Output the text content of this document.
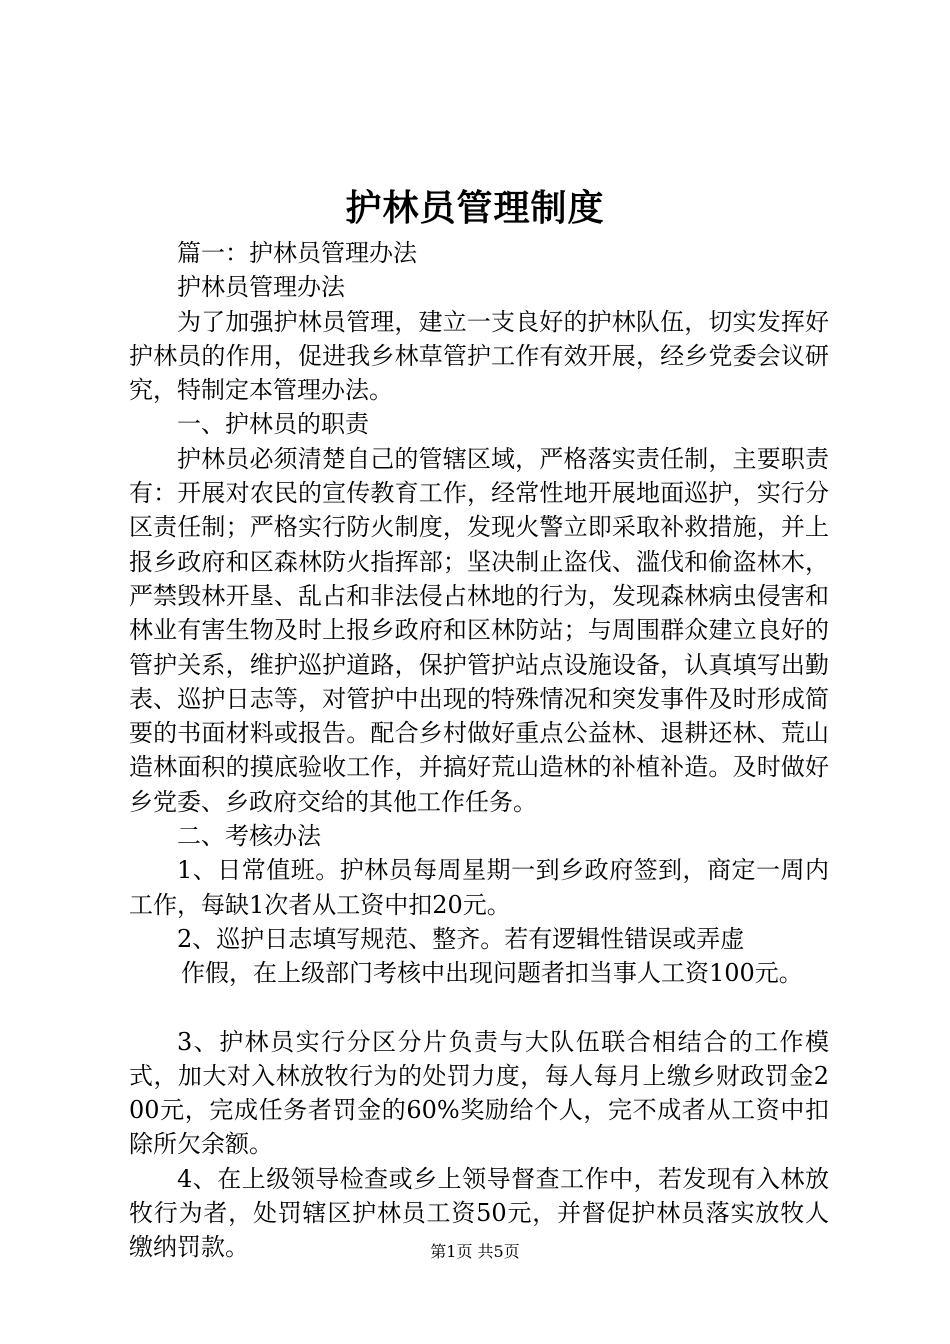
护林员管理制度

篇一：护林员管理办法

护林员管理办法

为了加强护林员管理，建立一支良好的护林队伍，切实发挥好护林员的作用，促进我乡林草管护工作有效开展，经乡党委会议研究，特制定本管理办法。

一、护林员的职责

护林员必须清楚自己的管辖区域，严格落实责任制，主要职责有：开展对农民的宣传教育工作，经常性地开展地面巡护，实行分区责任制；严格实行防火制度，发现火警立即采取补救措施，并上报乡政府和区森林防火指挥部；坚决制止盗伐、滥伐和偷盗林木，严禁毁林开垦、乱占和非法侵占林地的行为，发现森林病虫侵害和林业有害生物及时上报乡政府和区林防站；与周围群众建立良好的管护关系，维护巡护道路，保护管护站点设施设备，认真填写出勤表、巡护日志等，对管护中出现的特殊情况和突发事件及时形成简要的书面材料或报告。配合乡村做好重点公益林、退耕还林、荒山造林面积的摸底验收工作，并搞好荒山造林的补植补造。及时做好乡党委、乡政府交给的其他工作任务。

二、考核办法

1、日常值班。护林员每周星期一到乡政府签到，商定一周内工作，每缺1次者从工资中扣20元。

2、巡护日志填写规范、整齐。若有逻辑性错误或弄虚

作假，在上级部门考核中出现问题者扣当事人工资100元。

3、护林员实行分区分片负责与大队伍联合相结合的工作模式，加大对入林放牧行为的处罚力度，每人每月上缴乡财政罚金200元，完成任务者罚金的60%奖励给个人，完不成者从工资中扣除所欠余额。

4、在上级领导检查或乡上领导督查工作中，若发现有入林放牧行为者，处罚辖区护林员工资50元，并督促护林员落实放牧人缴纳罚款。	第1页 共5页
